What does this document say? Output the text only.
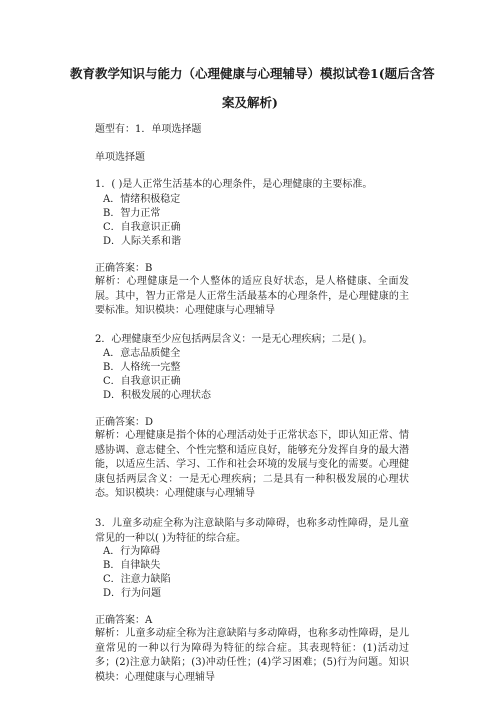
教育教学知识与能力（心理健康与心理辅导）模拟试卷1(题后含答
案及解析)
题型有：1．单项选择题
单项选择题
1．( )是人正常生活基本的心理条件，是心理健康的主要标准。
A．情绪积极稳定
B．智力正常
C．自我意识正确
D．人际关系和谐
正确答案：B
解析：心理健康是一个人整体的适应良好状态，是人格健康、全面发展。其中，智力正常是人正常生活最基本的心理条件，是心理健康的主要标准。知识模块：心理健康与心理辅导
2．心理健康至少应包括两层含义：一是无心理疾病；二是( )。
A．意志品质健全
B．人格统一完整
C．自我意识正确
D．积极发展的心理状态
正确答案：D
解析：心理健康是指个体的心理活动处于正常状态下，即认知正常、情感协调、意志健全、个性完整和适应良好，能够充分发挥自身的最大潜能，以适应生活、学习、工作和社会环境的发展与变化的需要。心理健康包括两层含义：一是无心理疾病；二是具有一种积极发展的心理状态。知识模块：心理健康与心理辅导
3．儿童多动症全称为注意缺陷与多动障碍，也称多动性障碍，是儿童常见的一种以( )为特征的综合症。
A．行为障碍
B．自律缺失
C．注意力缺陷
D．行为问题
正确答案：A
解析：儿童多动症全称为注意缺陷与多动障碍，也称多动性障碍，是儿童常见的一种以行为障碍为特征的综合症。其表现特征：(1)活动过多；(2)注意力缺陷；(3)冲动任性；(4)学习困难；(5)行为问题。知识模块：心理健康与心理辅导
